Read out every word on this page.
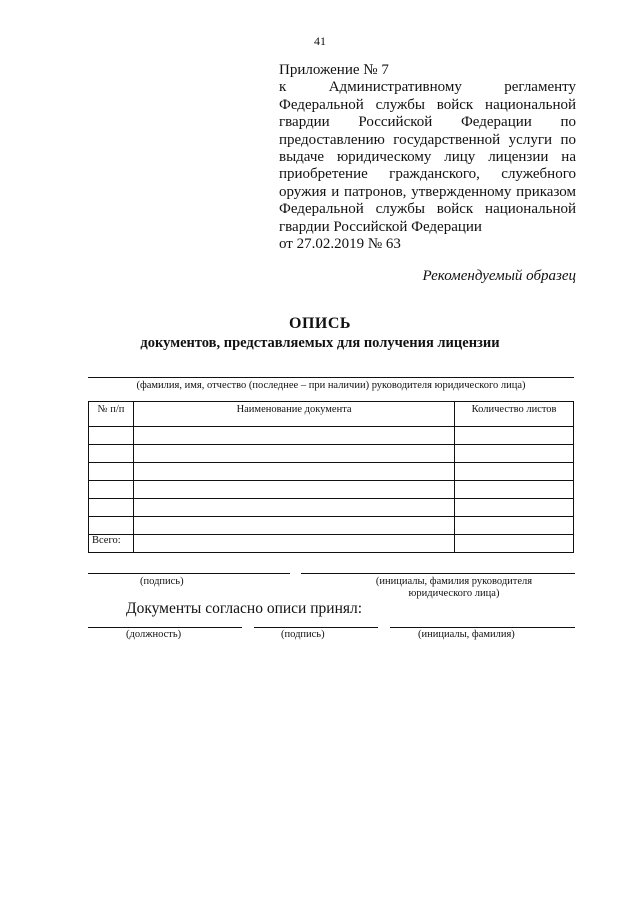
41
Приложение № 7
к Административному регламенту
Федеральной службы войск национальной
гвардии Российской Федерации по
предоставлению государственной услуги по
выдаче юридическому лицу лицензии на
приобретение гражданского, служебного
оружия и патронов, утвержденному приказом
Федеральной службы войск национальной
гвардии Российской Федерации
от 27.02.2019 № 63
Рекомендуемый образец
ОПИСЬ
документов, представляемых для получения лицензии
(фамилия, имя, отчество (последнее – при наличии) руководителя юридического лица)
№ п/п	Наименование документа	Количество листов

Всего:		
(подпись)	(инициалы, фамилия руководителя юридического лица)
Документы согласно описи принял:
(должность)	(подпись)	(инициалы, фамилия)
